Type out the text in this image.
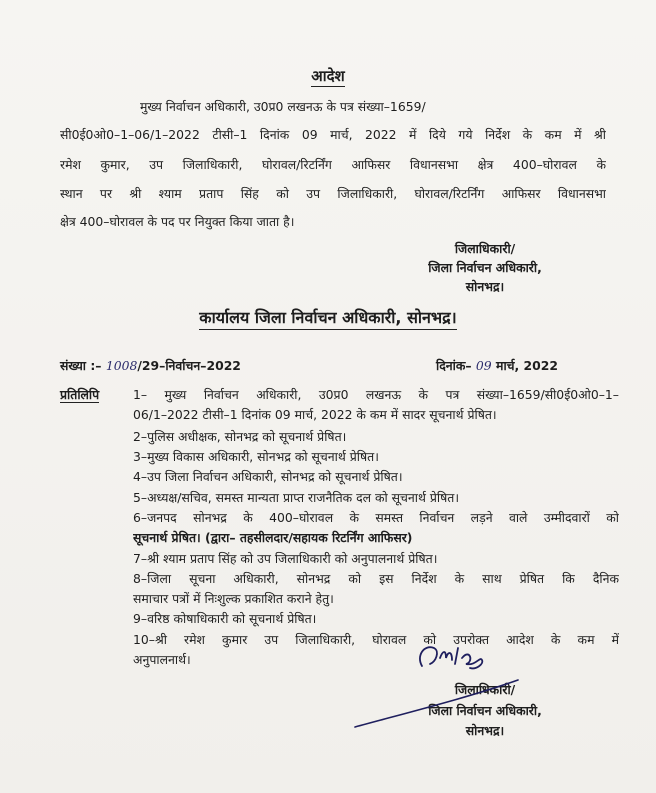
आदेश
मुख्य निर्वाचन अधिकारी, उ0प्र0 लखनऊ के पत्र संख्या–1659/
सी0ई0ओ0–1–06/1–2022 टीसी–1 दिनांक 09 मार्च, 2022 में दिये गये निर्देश के कम में श्री
रमेश कुमार, उप जिलाधिकारी, घोरावल/रिटर्निंग आफिसर विधानसभा क्षेत्र 400–घोरावल के
स्थान पर श्री श्याम प्रताप सिंह को उप जिलाधिकारी, घोरावल/रिटर्निंग आफिसर विधानसभा
क्षेत्र 400–घोरावल के पद पर नियुक्त किया जाता है।
जिलाधिकारी/
जिला निर्वाचन अधिकारी,
सोनभद्र।
कार्यालय जिला निर्वाचन अधिकारी, सोनभद्र।
संख्या :– 1008/29–निर्वाचन–2022	दिनांक– 09 मार्च, 2022
प्रतिलिपि	1– मुख्य निर्वाचन अधिकारी, उ0प्र0 लखनऊ के पत्र संख्या–1659/सी0ई0ओ0–1–
06/1–2022 टीसी–1 दिनांक 09 मार्च, 2022 के कम में सादर सूचनार्थ प्रेषित।
2–पुलिस अधीक्षक, सोनभद्र को सूचनार्थ प्रेषित।
3–मुख्य विकास अधिकारी, सोनभद्र को सूचनार्थ प्रेषित।
4–उप जिला निर्वाचन अधिकारी, सोनभद्र को सूचनार्थ प्रेषित।
5–अध्यक्ष/सचिव, समस्त मान्यता प्राप्त राजनैतिक दल को सूचनार्थ प्रेषित।
6–जनपद सोनभद्र के 400–घोरावल के समस्त निर्वाचन लड़ने वाले उम्मीदवारों को
सूचनार्थ प्रेषित। (द्वारा– तहसीलदार/सहायक रिटर्निंग आफिसर)
7–श्री श्याम प्रताप सिंह को उप जिलाधिकारी को अनुपालनार्थ प्रेषित।
8–जिला सूचना अधिकारी, सोनभद्र को इस निर्देश के साथ प्रेषित कि दैनिक
समाचार पत्रों में निःशुल्क प्रकाशित कराने हेतु।
9–वरिष्ठ कोषाधिकारी को सूचनार्थ प्रेषित।
10–श्री रमेश कुमार उप जिलाधिकारी, घोरावल को उपरोक्त आदेश के कम में
अनुपालनार्थ।
जिलाधिकारी/
जिला निर्वाचन अधिकारी,
सोनभद्र।
